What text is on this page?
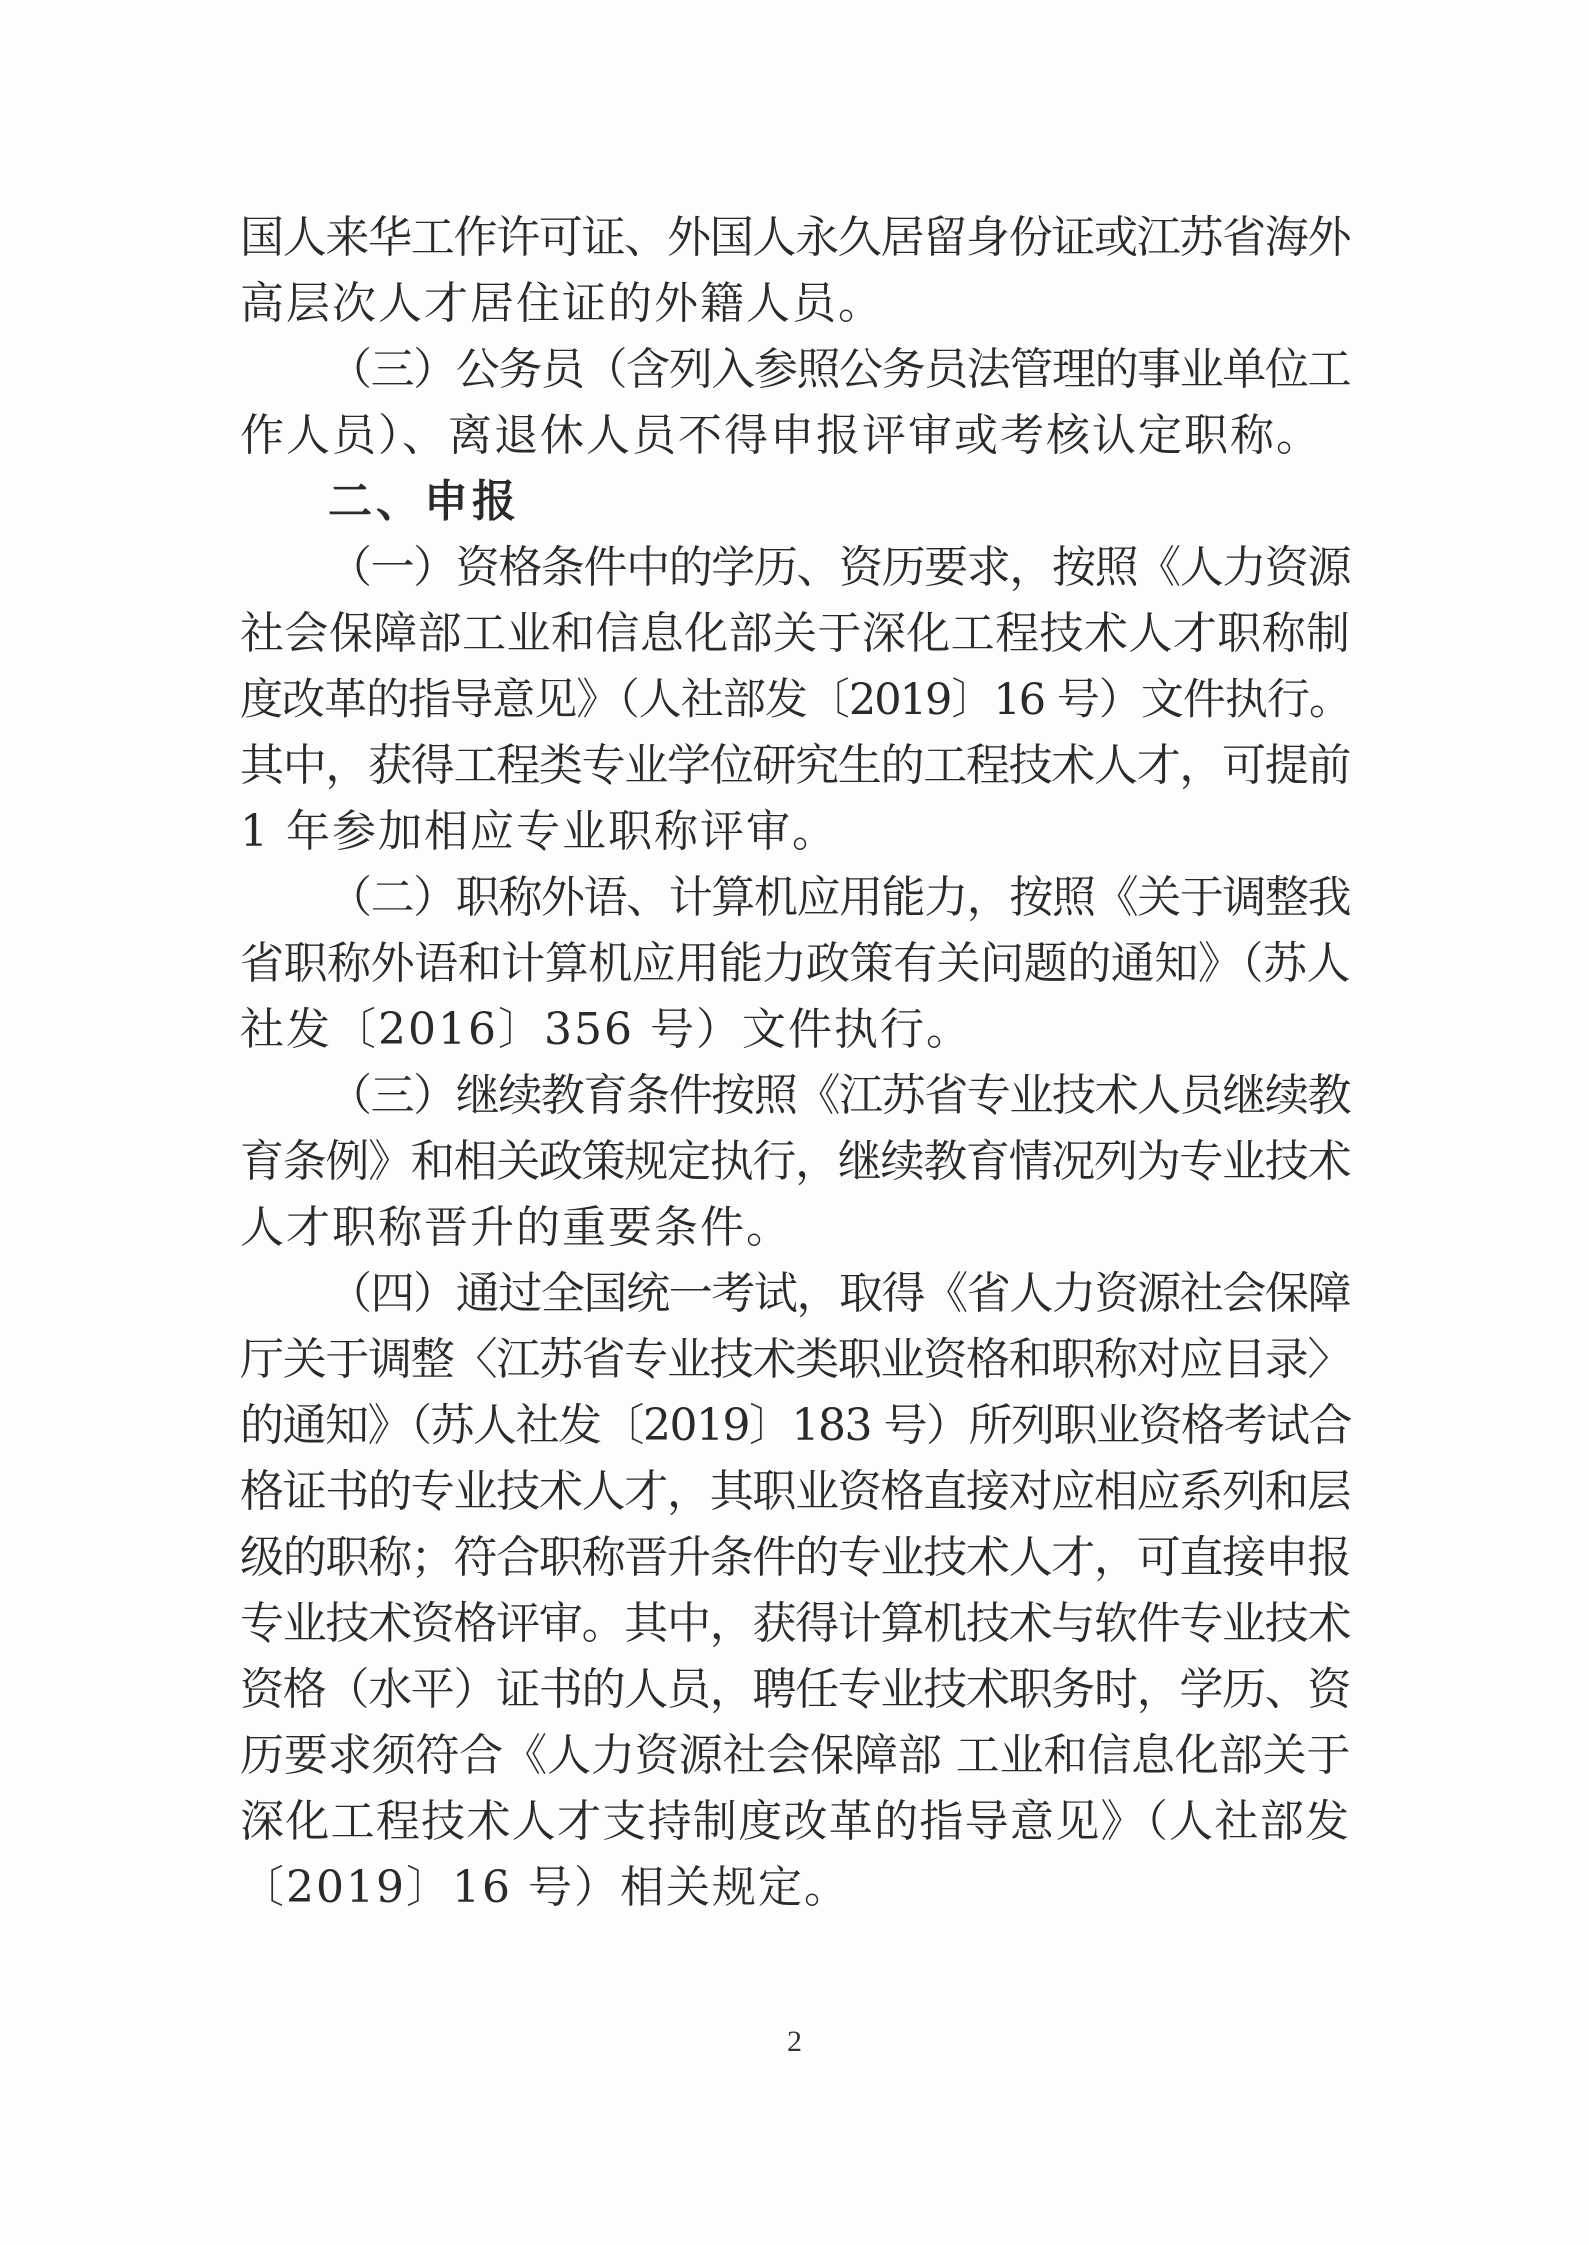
国人来华工作许可证、外国人永久居留身份证或江苏省海外
高层次人才居住证的外籍人员。
（三）公务员（含列入参照公务员法管理的事业单位工
作人员）、离退休人员不得申报评审或考核认定职称。
二、申报
（一）资格条件中的学历、资历要求，按照《人力资源
社会保障部工业和信息化部关于深化工程技术人才职称制
度改革的指导意见》（人社部发〔2019〕16 号）文件执行。
其中，获得工程类专业学位研究生的工程技术人才，可提前
1 年参加相应专业职称评审。
（二）职称外语、计算机应用能力，按照《关于调整我
省职称外语和计算机应用能力政策有关问题的通知》（苏人
社发〔2016〕356 号）文件执行。
（三）继续教育条件按照《江苏省专业技术人员继续教
育条例》和相关政策规定执行，继续教育情况列为专业技术
人才职称晋升的重要条件。
（四）通过全国统一考试，取得《省人力资源社会保障
厅关于调整〈江苏省专业技术类职业资格和职称对应目录〉
的通知》（苏人社发〔2019〕183 号）所列职业资格考试合
格证书的专业技术人才，其职业资格直接对应相应系列和层
级的职称；符合职称晋升条件的专业技术人才，可直接申报
专业技术资格评审。其中，获得计算机技术与软件专业技术
资格（水平）证书的人员，聘任专业技术职务时，学历、资
历要求须符合《人力资源社会保障部 工业和信息化部关于
深化工程技术人才支持制度改革的指导意见》（人社部发
〔2019〕16 号）相关规定。
2
